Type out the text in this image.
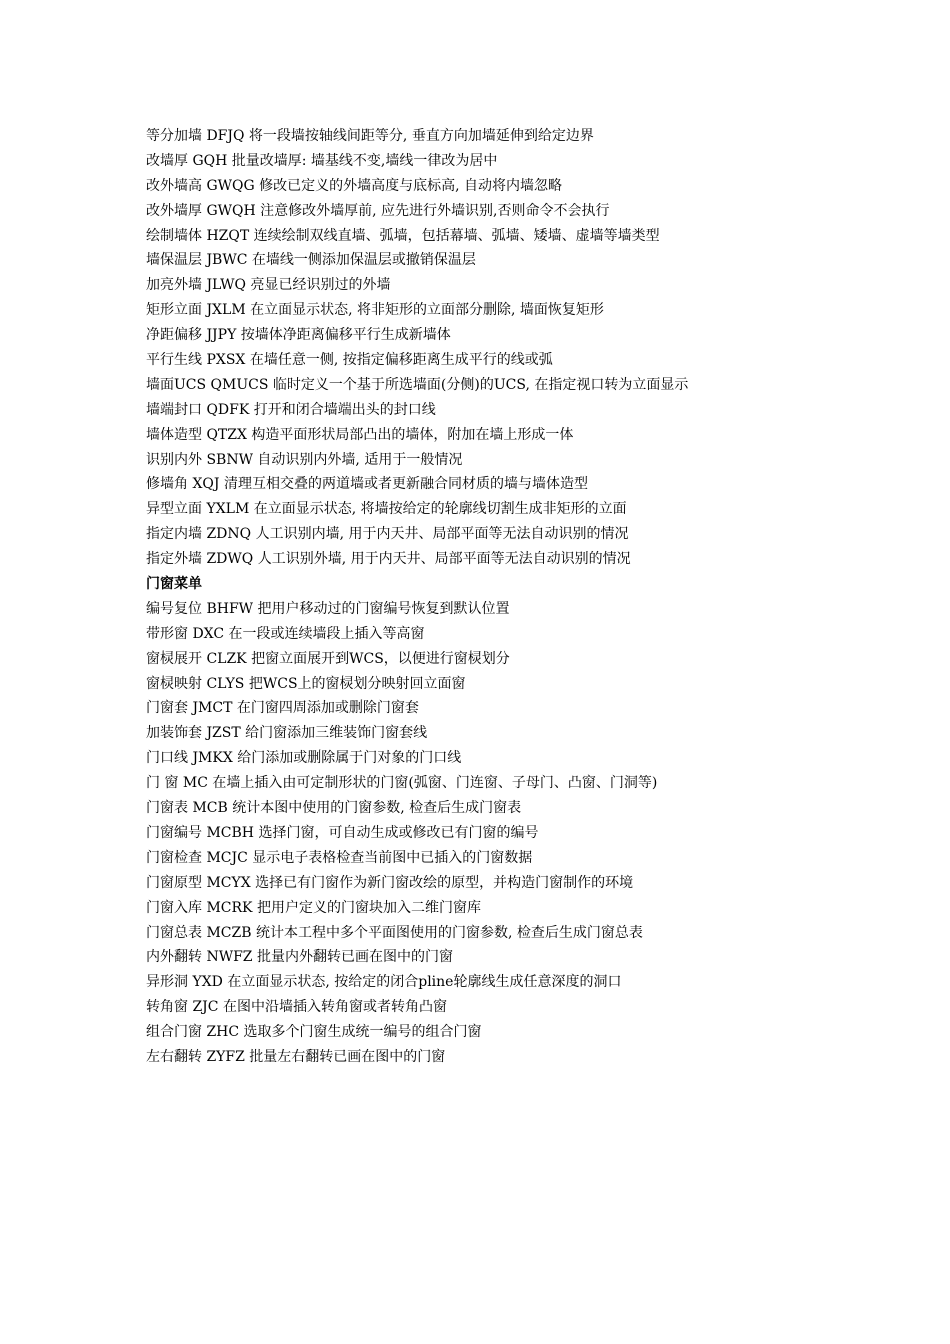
等分加墙 DFJQ 将一段墙按轴线间距等分, 垂直方向加墙延伸到给定边界
改墙厚 GQH 批量改墙厚: 墙基线不变,墙线一律改为居中
改外墙高 GWQG 修改已定义的外墙高度与底标高, 自动将内墙忽略
改外墙厚 GWQH 注意修改外墙厚前, 应先进行外墙识别,否则命令不会执行
绘制墙体 HZQT 连续绘制双线直墙、弧墙，包括幕墙、弧墙、矮墙、虚墙等墙类型
墙保温层 JBWC 在墙线一侧添加保温层或撤销保温层
加亮外墙 JLWQ 亮显已经识别过的外墙
矩形立面 JXLM 在立面显示状态, 将非矩形的立面部分删除, 墙面恢复矩形
净距偏移 JJPY 按墙体净距离偏移平行生成新墙体
平行生线 PXSX 在墙任意一侧, 按指定偏移距离生成平行的线或弧
墙面UCS QMUCS 临时定义一个基于所选墙面(分侧)的UCS, 在指定视口转为立面显示
墙端封口 QDFK 打开和闭合墙端出头的封口线
墙体造型 QTZX 构造平面形状局部凸出的墙体，附加在墙上形成一体
识别内外 SBNW 自动识别内外墙, 适用于一般情况
修墙角 XQJ 清理互相交叠的两道墙或者更新融合同材质的墙与墙体造型
异型立面 YXLM 在立面显示状态, 将墙按给定的轮廓线切割生成非矩形的立面
指定内墙 ZDNQ 人工识别内墙, 用于内天井、局部平面等无法自动识别的情况
指定外墙 ZDWQ 人工识别外墙, 用于内天井、局部平面等无法自动识别的情况
门窗菜单
编号复位 BHFW 把用户移动过的门窗编号恢复到默认位置
带形窗 DXC 在一段或连续墙段上插入等高窗
窗棂展开 CLZK 把窗立面展开到WCS，以便进行窗棂划分
窗棂映射 CLYS 把WCS上的窗棂划分映射回立面窗
门窗套 JMCT 在门窗四周添加或删除门窗套
加装饰套 JZST 给门窗添加三维装饰门窗套线
门口线 JMKX 给门添加或删除属于门对象的门口线
门 窗 MC 在墙上插入由可定制形状的门窗(弧窗、门连窗、子母门、凸窗、门洞等)
门窗表 MCB 统计本图中使用的门窗参数, 检查后生成门窗表
门窗编号 MCBH 选择门窗，可自动生成或修改已有门窗的编号
门窗检查 MCJC 显示电子表格检查当前图中已插入的门窗数据
门窗原型 MCYX 选择已有门窗作为新门窗改绘的原型，并构造门窗制作的环境
门窗入库 MCRK 把用户定义的门窗块加入二维门窗库
门窗总表 MCZB 统计本工程中多个平面图使用的门窗参数, 检查后生成门窗总表
内外翻转 NWFZ 批量内外翻转已画在图中的门窗
异形洞 YXD 在立面显示状态, 按给定的闭合pline轮廓线生成任意深度的洞口
转角窗 ZJC 在图中沿墙插入转角窗或者转角凸窗
组合门窗 ZHC 选取多个门窗生成统一编号的组合门窗
左右翻转 ZYFZ 批量左右翻转已画在图中的门窗
